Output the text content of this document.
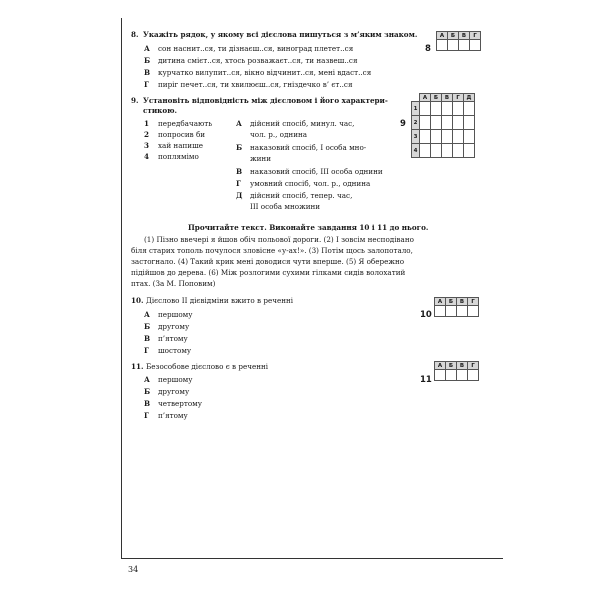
8. Укажіть рядок, у якому всі дієслова пишуться з м’яким знаком.
А сон наснит..ся, ти дізнаєш..ся, виноград плетет..ся
Б дитина смієт..ся, хтось розважаєт..ся, ти назвеш..ся
В курчатко вилупит..ся, вікно відчинит..ся, мені вдаст..ся
Г пиріг печет..ся, ти хвилюєш..ся, гніздечко в’ єт..ся
8
А	Б	В	Г

9. Установіть відповідність між дієсловом і його характери-
стикою.
1 передбачають
2 попросив би
3 хай напише
4 поплямімо
А дійсний спосіб, минул. час,
чол. р., однина
Б наказовий спосіб, I особа мно-
жини
В наказовий спосіб, III особа однини
Г умовний спосіб, чол. р., однина
Д дійсний спосіб, тепер. час,
III особа множини
9
	А	Б	В	Г	Д
1					
2					
3					
4					
Прочитайте текст. Виконайте завдання 10 і 11 до нього.
(1) Пізно ввечері я йшов обіч польової дороги. (2) І зовсім несподівано
біля старих тополь почулося зловісне «у-ах!». (3) Потім щось залопотало,
застогнало. (4) Такий крик мені доводися чути вперше. (5) Я обережно
підійшов до дерева. (6) Між розлогими сухими гілками сидів волохатий
птах. (За М. Поповим)
10. Дієслово II дієвідміни вжито в реченні
А першому
Б другому
В п’ятому
Г шостому
10
А	Б	В	Г

11. Безособове дієслово є в реченні
А першому
Б другому
В четвертому
Г п’ятому
11
А	Б	В	Г

34
